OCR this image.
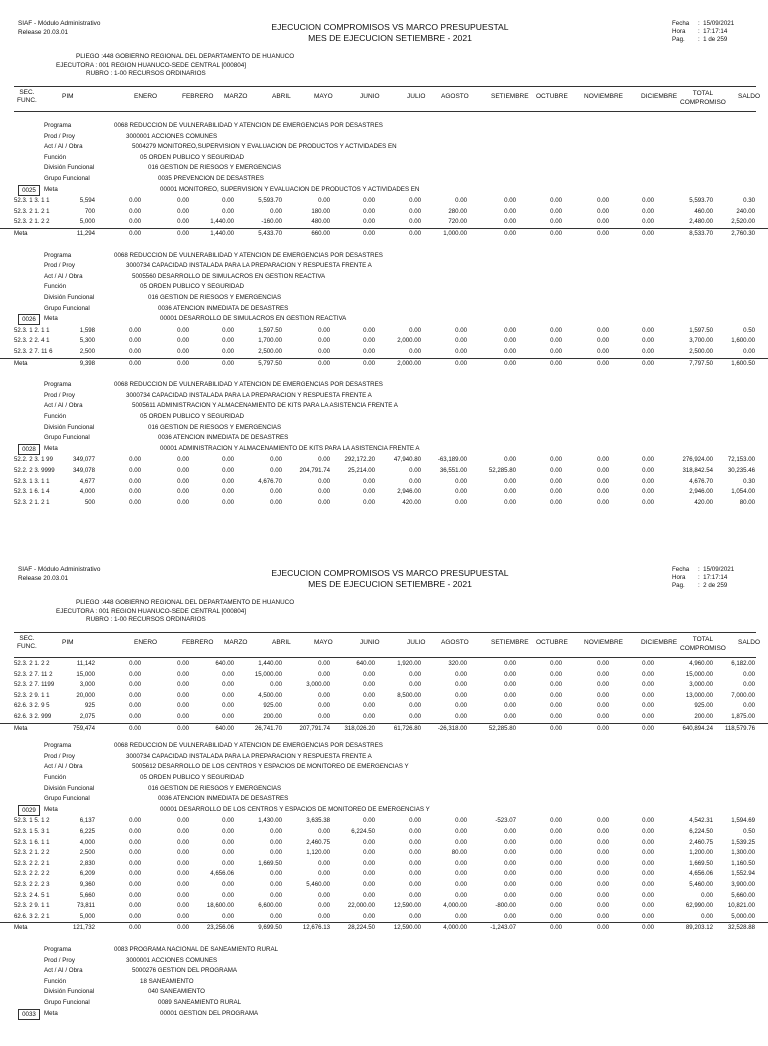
SIAF - Módulo Administrativo
Release 20.03.01	EJECUCION COMPROMISOS VS MARCO PRESUPUESTAL
MES DE EJECUCION SETIEMBRE - 2021
Fecha	: 15/09/2021
Hora	: 17:17:14
Pag.	: 1 de 259
PLIEGO :448 GOBIERNO REGIONAL DEL DEPARTAMENTO DE HUANUCO
EJECUTORA : 001 REGION HUANUCO-SEDE CENTRAL [000804]
RUBRO : 1-00 RECURSOS ORDINARIOS
SEC.
FUNC.
PIM	ENERO	FEBRERO MARZO	ABRIL	MAYO	JUNIO	JULIO AGOSTO	SETIEMBRE OCTUBRE NOVIEMBRE	DICIEMBRE	TOTAL
COMPROMISO
SALDO
Programa
Prod / Proy
Act / AI / Obra
Función
División Funcional
Grupo Funcional
0025	Meta
0068 REDUCCION DE VULNERABILIDAD Y ATENCION DE EMERGENCIAS POR DESASTRES
3000001 ACCIONES COMUNES
5004279 MONITOREO,SUPERVISION Y EVALUACION DE PRODUCTOS Y ACTIVIDADES EN
05 ORDEN PUBLICO Y SEGURIDAD
016 GESTION DE RIESGOS Y EMERGENCIAS
0035 PREVENCION DE DESASTRES
00001 MONITOREO, SUPERVISION Y EVALUACION DE PRODUCTOS Y ACTIVIDADES EN
52.3. 1 3. 1 1	5,594	0.00	0.00	0.00	5,593.70	0.00	0.00	0.00	0.00	0.00	0.00	0.00	0.00	5,593.70	0.30
52.3. 2 1. 2 1	700	0.00	0.00	0.00	0.00	180.00	0.00	0.00	280.00	0.00	0.00	0.00	0.00	460.00	240.00
52.3. 2 1. 2 2	5,000	0.00	0.00	1,440.00	-160.00	480.00	0.00	0.00	720.00	0.00	0.00	0.00	0.00	2,480.00	2,520.00
Meta	11,294	0.00	0.00	1,440.00	5,433.70	660.00	0.00	0.00	1,000.00	0.00	0.00	0.00	0.00	8,533.70	2,760.30
Programa
Prod / Proy
Act / AI / Obra
Función
División Funcional
Grupo Funcional
0026	Meta
0068 REDUCCION DE VULNERABILIDAD Y ATENCION DE EMERGENCIAS POR DESASTRES
3000734 CAPACIDAD INSTALADA PARA LA PREPARACION Y RESPUESTA FRENTE A
5005560 DESARROLLO DE SIMULACROS EN GESTION REACTIVA
05 ORDEN PUBLICO Y SEGURIDAD
016 GESTION DE RIESGOS Y EMERGENCIAS
0036 ATENCION INMEDIATA DE DESASTRES
00001 DESARROLLO DE SIMULACROS EN GESTION REACTIVA
52.3. 1 2. 1 1	1,598	0.00	0.00	0.00	1,597.50	0.00	0.00	0.00	0.00	0.00	0.00	0.00	0.00	1,597.50	0.50
52.3. 2 2. 4 1	5,300	0.00	0.00	0.00	1,700.00	0.00	0.00	2,000.00	0.00	0.00	0.00	0.00	0.00	3,700.00	1,600.00
52.3. 2 7. 11 6	2,500	0.00	0.00	0.00	2,500.00	0.00	0.00	0.00	0.00	0.00	0.00	0.00	0.00	2,500.00	0.00
Meta	9,398	0.00	0.00	0.00	5,797.50	0.00	0.00	2,000.00	0.00	0.00	0.00	0.00	0.00	7,797.50	1,600.50
Programa
Prod / Proy
Act / AI / Obra
Función
División Funcional
Grupo Funcional
0028	Meta
0068 REDUCCION DE VULNERABILIDAD Y ATENCION DE EMERGENCIAS POR DESASTRES
3000734 CAPACIDAD INSTALADA PARA LA PREPARACION Y RESPUESTA FRENTE A
5005611 ADMINISTRACION Y ALMACENAMIENTO DE KITS PARA LA ASISTENCIA FRENTE A
05 ORDEN PUBLICO Y SEGURIDAD
016 GESTION DE RIESGOS Y EMERGENCIAS
0036 ATENCION INMEDIATA DE DESASTRES
00001 ADMINISTRACION Y ALMACENAMIENTO DE KITS PARA LA ASISTENCIA FRENTE A
52.2. 2 3. 1 99	349,077	0.00	0.00	0.00	0.00	0.00 292,172.20	47,940.80	-63,189.00	0.00	0.00	0.00	0.00	276,924.00 72,153.00
52.2. 2 3. 9999	349,078	0.00	0.00	0.00	0.00	204,791.74	25,214.00	0.00	36,551.00	52,285.80	0.00	0.00	0.00	318,842.54 30,235.46
52.3. 1 3. 1 1	4,677	0.00	0.00	0.00	4,676.70	0.00	0.00	0.00	0.00	0.00	0.00	0.00	0.00	4,676.70	0.30
52.3. 1 6. 1 4	4,000	0.00	0.00	0.00	0.00	0.00	0.00	2,946.00	0.00	0.00	0.00	0.00	0.00	2,946.00	1,054.00
52.3. 2 1. 2 1	500	0.00	0.00	0.00	0.00	0.00	0.00	420.00	0.00	0.00	0.00	0.00	0.00	420.00	80.00
SIAF - Módulo Administrativo
Release 20.03.01	EJECUCION COMPROMISOS VS MARCO PRESUPUESTAL
MES DE EJECUCION SETIEMBRE - 2021
Fecha	: 15/09/2021
Hora	: 17:17:14
Pag.	: 2 de 259
PLIEGO :448 GOBIERNO REGIONAL DEL DEPARTAMENTO DE HUANUCO
EJECUTORA : 001 REGION HUANUCO-SEDE CENTRAL [000804]
RUBRO : 1-00 RECURSOS ORDINARIOS
SEC.
FUNC.
PIM	ENERO	FEBRERO MARZO	ABRIL	MAYO	JUNIO	JULIO AGOSTO	SETIEMBRE OCTUBRE NOVIEMBRE	DICIEMBRE	TOTAL
COMPROMISO
SALDO
52.3. 2 1. 2 2	11,142	0.00	0.00	640.00	1,440.00	0.00	640.00	1,920.00	320.00	0.00	0.00	0.00	0.00	4,960.00	6,182.00
52.3. 2 7. 11 2	15,000	0.00	0.00	0.00	15,000.00	0.00	0.00	0.00	0.00	0.00	0.00	0.00	0.00	15,000.00	0.00
52.3. 2 7. 1199	3,000	0.00	0.00	0.00	0.00	3,000.00	0.00	0.00	0.00	0.00	0.00	0.00	0.00	3,000.00	0.00
52.3. 2 9. 1 1	20,000	0.00	0.00	0.00	4,500.00	0.00	0.00	8,500.00	0.00	0.00	0.00	0.00	0.00	13,000.00	7,000.00
62.6. 3 2. 9 5	925	0.00	0.00	0.00	925.00	0.00	0.00	0.00	0.00	0.00	0.00	0.00	0.00	925.00	0.00
62.6. 3 2. 999	2,075	0.00	0.00	0.00	200.00	0.00	0.00	0.00	0.00	0.00	0.00	0.00	0.00	200.00	1,875.00
Meta	759,474	0.00	0.00	640.00	26,741.70	207,791.74 318,026.20	61,726.80	-26,318.00	52,285.80	0.00	0.00	0.00	640,894.24 118,579.76
Programa
Prod / Proy
Act / AI / Obra
Función
División Funcional
Grupo Funcional
0029	Meta
0068 REDUCCION DE VULNERABILIDAD Y ATENCION DE EMERGENCIAS POR DESASTRES
3000734 CAPACIDAD INSTALADA PARA LA PREPARACION Y RESPUESTA FRENTE A
5005612 DESARROLLO DE LOS CENTROS Y ESPACIOS DE MONITOREO DE EMERGENCIAS Y
05 ORDEN PUBLICO Y SEGURIDAD
016 GESTION DE RIESGOS Y EMERGENCIAS
0036 ATENCION INMEDIATA DE DESASTRES
00001 DESARROLLO DE LOS CENTROS Y ESPACIOS DE MONITOREO DE EMERGENCIAS Y
52.3. 1 5. 1 2	6,137	0.00	0.00	0.00	1,430.00	3,635.38	0.00	0.00	0.00	-523.07	0.00	0.00	0.00	4,542.31	1,594.69
52.3. 1 5. 3 1	6,225	0.00	0.00	0.00	0.00	0.00	6,224.50	0.00	0.00	0.00	0.00	0.00	0.00	6,224.50	0.50
52.3. 1 6. 1 1	4,000	0.00	0.00	0.00	0.00	2,460.75	0.00	0.00	0.00	0.00	0.00	0.00	0.00	2,460.75	1,539.25
52.3. 2 1. 2 2	2,500	0.00	0.00	0.00	0.00	1,120.00	0.00	0.00	80.00	0.00	0.00	0.00	0.00	1,200.00	1,300.00
52.3. 2 2. 2 1	2,830	0.00	0.00	0.00	1,669.50	0.00	0.00	0.00	0.00	0.00	0.00	0.00	0.00	1,669.50	1,160.50
52.3. 2 2. 2 2	6,209	0.00	0.00	4,656.06	0.00	0.00	0.00	0.00	0.00	0.00	0.00	0.00	0.00	4,656.06	1,552.94
52.3. 2 2. 2 3	9,360	0.00	0.00	0.00	0.00	5,460.00	0.00	0.00	0.00	0.00	0.00	0.00	0.00	5,460.00	3,900.00
52.3. 2 4. 5 1	5,660	0.00	0.00	0.00	0.00	0.00	0.00	0.00	0.00	0.00	0.00	0.00	0.00	0.00	5,660.00
52.3. 2 9. 1 1	73,811	0.00	0.00	18,600.00	6,600.00	0.00	22,000.00	12,590.00	4,000.00	-800.00	0.00	0.00	0.00	62,990.00 10,821.00
62.6. 3 2. 2 1	5,000	0.00	0.00	0.00	0.00	0.00	0.00	0.00	0.00	0.00	0.00	0.00	0.00	0.00	5,000.00
Meta	121,732	0.00	0.00	23,256.06	9,699.50	12,676.13	28,224.50	12,590.00	4,000.00	-1,243.07	0.00	0.00	0.00	89,203.12 32,528.88
Programa
Prod / Proy
Act / AI / Obra
Función
División Funcional
Grupo Funcional
0033	Meta
0083 PROGRAMA NACIONAL DE SANEAMIENTO RURAL
3000001 ACCIONES COMUNES
5000276 GESTION DEL PROGRAMA
18 SANEAMIENTO
040 SANEAMIENTO
0089 SANEAMIENTO RURAL
00001 GESTION DEL PROGRAMA
